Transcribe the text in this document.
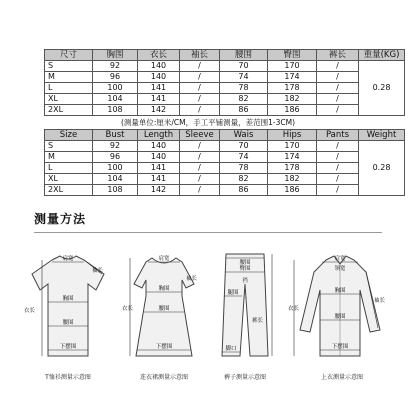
尺寸	胸围	衣长	袖长	腰围	臀围	裤长	重量(KG)
S	92	140	/	70	170	/	0.28
M	96	140	/	74	174	/	
L	100	141	/	78	178	/	
XL	104	141	/	82	182	/	
2XL	108	142	/	86	186	/	
(测量单位:厘米/CM，手工平铺测量，差范围1-3CM)
Size	Bust	Length	Sleeve	Wais	Hips	Pants	Weight
S	92	140	/	70	170	/	0.28
M	96	140	/	74	174	/	
L	100	141	/	78	178	/	
XL	104	141	/	82	182	/	
2XL	108	142	/	86	186	/	
测量方法
肩宽
衣长
袖长
胸围
腰围
下摆围
T恤衫测量示意图
肩宽
衣长
袖长
胸围
腰围
下摆围
连衣裙测量示意图
腰围
臀围
裆
腿围
裤长
脚口
裤子测量示意图
肩宽
领宽
袖长
胸围
衣长
腰围
下摆围
上衣测量示意图
